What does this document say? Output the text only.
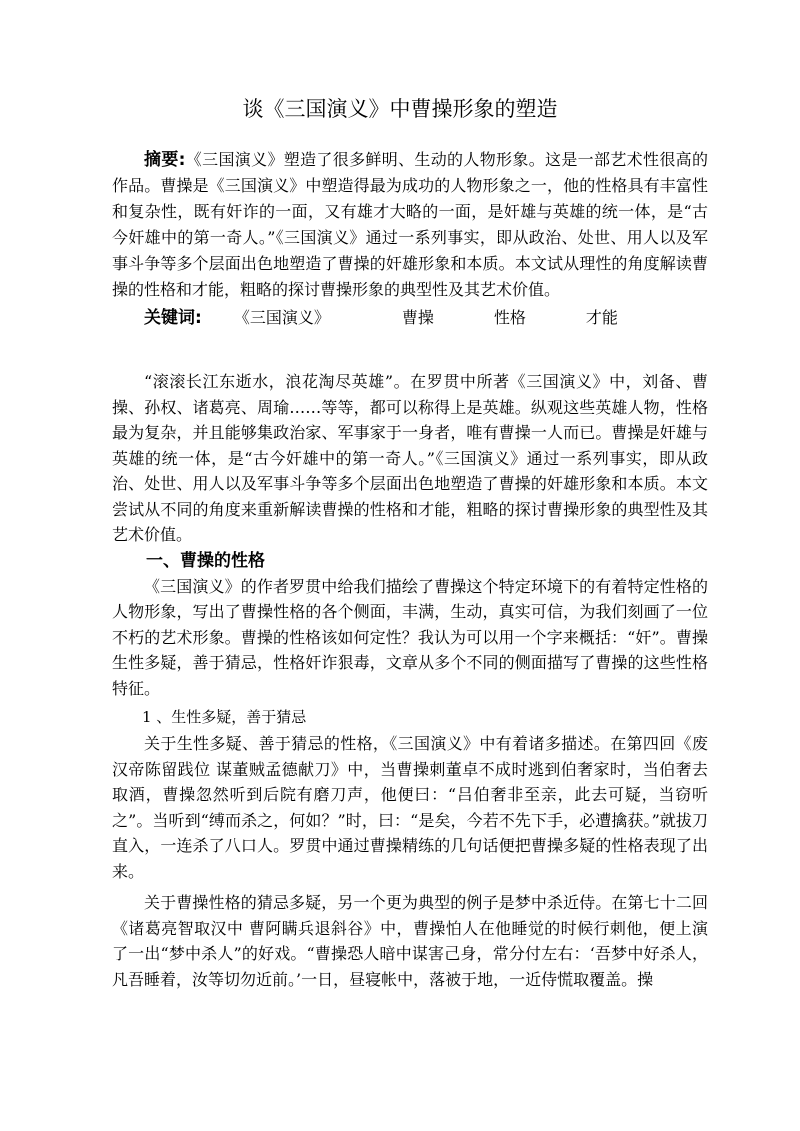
谈《三国演义》中曹操形象的塑造

摘要:《三国演义》塑造了很多鲜明、生动的人物形象。这是一部艺术性很高的作品。曹操是《三国演义》中塑造得最为成功的人物形象之一，他的性格具有丰富性和复杂性，既有奸诈的一面，又有雄才大略的一面，是奸雄与英雄的统一体，是“古今奸雄中的第一奇人。”《三国演义》通过一系列事实，即从政治、处世、用人以及军事斗争等多个层面出色地塑造了曹操的奸雄形象和本质。本文试从理性的角度解读曹操的性格和才能，粗略的探讨曹操形象的典型性及其艺术价值。

关键词: 《三国演义》	曹操	性格	才能

“滚滚长江东逝水，浪花淘尽英雄”。在罗贯中所著《三国演义》中，刘备、曹操、孙权、诸葛亮、周瑜……等等，都可以称得上是英雄。纵观这些英雄人物，性格最为复杂，并且能够集政治家、军事家于一身者，唯有曹操一人而已。曹操是奸雄与英雄的统一体，是“古今奸雄中的第一奇人。”《三国演义》通过一系列事实，即从政治、处世、用人以及军事斗争等多个层面出色地塑造了曹操的奸雄形象和本质。本文尝试从不同的角度来重新解读曹操的性格和才能，粗略的探讨曹操形象的典型性及其艺术价值。

一、曹操的性格

《三国演义》的作者罗贯中给我们描绘了曹操这个特定环境下的有着特定性格的人物形象，写出了曹操性格的各个侧面，丰满，生动，真实可信，为我们刻画了一位不朽的艺术形象。曹操的性格该如何定性？我认为可以用一个字来概括：“奸”。曹操生性多疑，善于猜忌，性格奸诈狠毒，文章从多个不同的侧面描写了曹操的这些性格特征。

1 、生性多疑，善于猜忌

关于生性多疑、善于猜忌的性格，《三国演义》中有着诸多描述。在第四回《废汉帝陈留践位 谋董贼孟德献刀》中，当曹操刺董卓不成时逃到伯奢家时，当伯奢去取酒，曹操忽然听到后院有磨刀声，他便曰：“吕伯奢非至亲，此去可疑，当窃听之”。当听到“缚而杀之，何如？”时，曰：“是矣，今若不先下手，必遭擒获。”就拔刀直入，一连杀了八口人。罗贯中通过曹操精练的几句话便把曹操多疑的性格表现了出来。

关于曹操性格的猜忌多疑，另一个更为典型的例子是梦中杀近侍。在第七十二回《诸葛亮智取汉中 曹阿瞒兵退斜谷》中，曹操怕人在他睡觉的时候行刺他，便上演了一出“梦中杀人”的好戏。“曹操恐人暗中谋害己身，常分付左右：‘吾梦中好杀人，凡吾睡着，汝等切勿近前。’一日，昼寝帐中，落被于地，一近侍慌取覆盖。操
